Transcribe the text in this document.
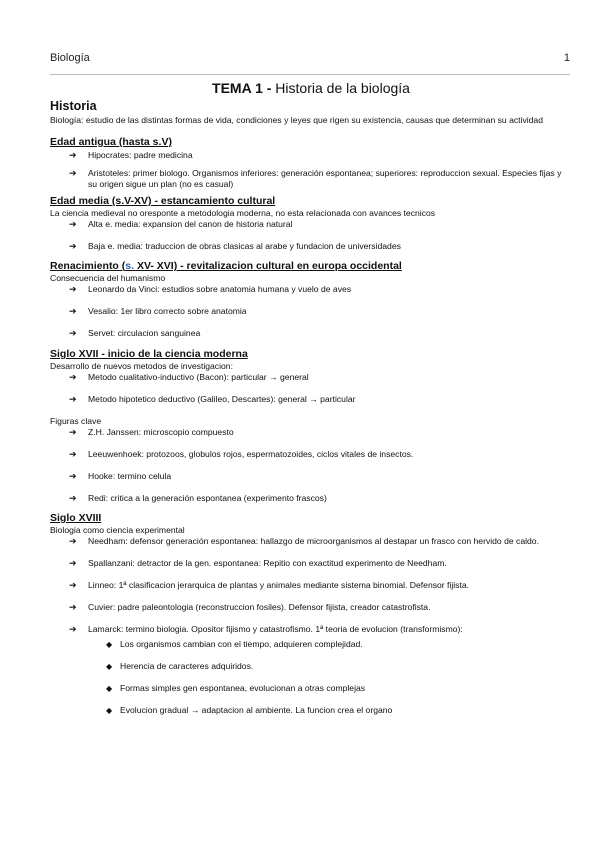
Biología	1
TEMA 1 - Historia de la biología
Historia

Biología: estudio de las distintas formas de vida, condiciones y leyes que rigen su existencia, causas que determinan su actividad

Edad antigua (hasta s.V)
➔ Hipocrates: padre medicina
➔ Aristoteles: primer biologo. Organismos inferiores: generación espontanea; superiores: reproduccion sexual. Especies fijas y su origen sigue un plan (no es casual)
Edad media (s.V-XV) - estancamiento cultural

La ciencia medieval no oresponte a metodologia moderna, no esta relacionada con avances tecnicos

➔ Alta e. media: expansion del canon de historia natural
➔ Baja e. media: traduccion de obras clasicas al arabe y fundacion de universidades
Renacimiento (s. XV- XVI) - revitalizacion cultural en europa occidental

Consecuencia del humanismo

➔ Leonardo da Vinci: estudios sobre anatomia humana y vuelo de aves
➔ Vesalio: 1er libro correcto sobre anatomia
➔ Servet: circulacion sanguinea
Siglo XVII - inicio de la ciencia moderna

Desarrollo de nuevos metodos de investigacion:

➔ Metodo cualitativo-inductivo (Bacon): particular → general
➔ Metodo hipotetico deductivo (Galileo, Descartes): general → particular

Figuras clave

➔ Z.H. Janssen: microscopio compuesto
➔ Leeuwenhoek: protozoos, globulos rojos, espermatozoides, ciclos vitales de insectos.
➔ Hooke: termino celula
➔ Redi: critica a la generación espontanea (experimento frascos)
Siglo XVIII

Biologia como ciencia experimental

➔ Needham: defensor generación espontanea: hallazgo de microorganismos al destapar un frasco con hervido de caldo.
➔ Spallanzani: detractor de la gen. espontanea: Repitio con exactitud experimento de Needham.
➔ Linneo: 1ª clasificacion jerarquica de plantas y animales mediante sistema binomial. Defensor fijista.
➔ Cuvier: padre paleontologia (reconstruccion fosiles). Defensor fijista, creador catastrofista.
➔ Lamarck: termino biologia. Opositor fijismo y catastrofismo. 1ª teoria de evolucion (transformismo):
◆ Los organismos cambian con el tiempo, adquieren complejidad.
◆ Herencia de caracteres adquiridos.
◆ Formas simples gen espontanea, evolucionan a otras complejas
◆ Evolucion gradual → adaptacion al ambiente. La funcion crea el organo
